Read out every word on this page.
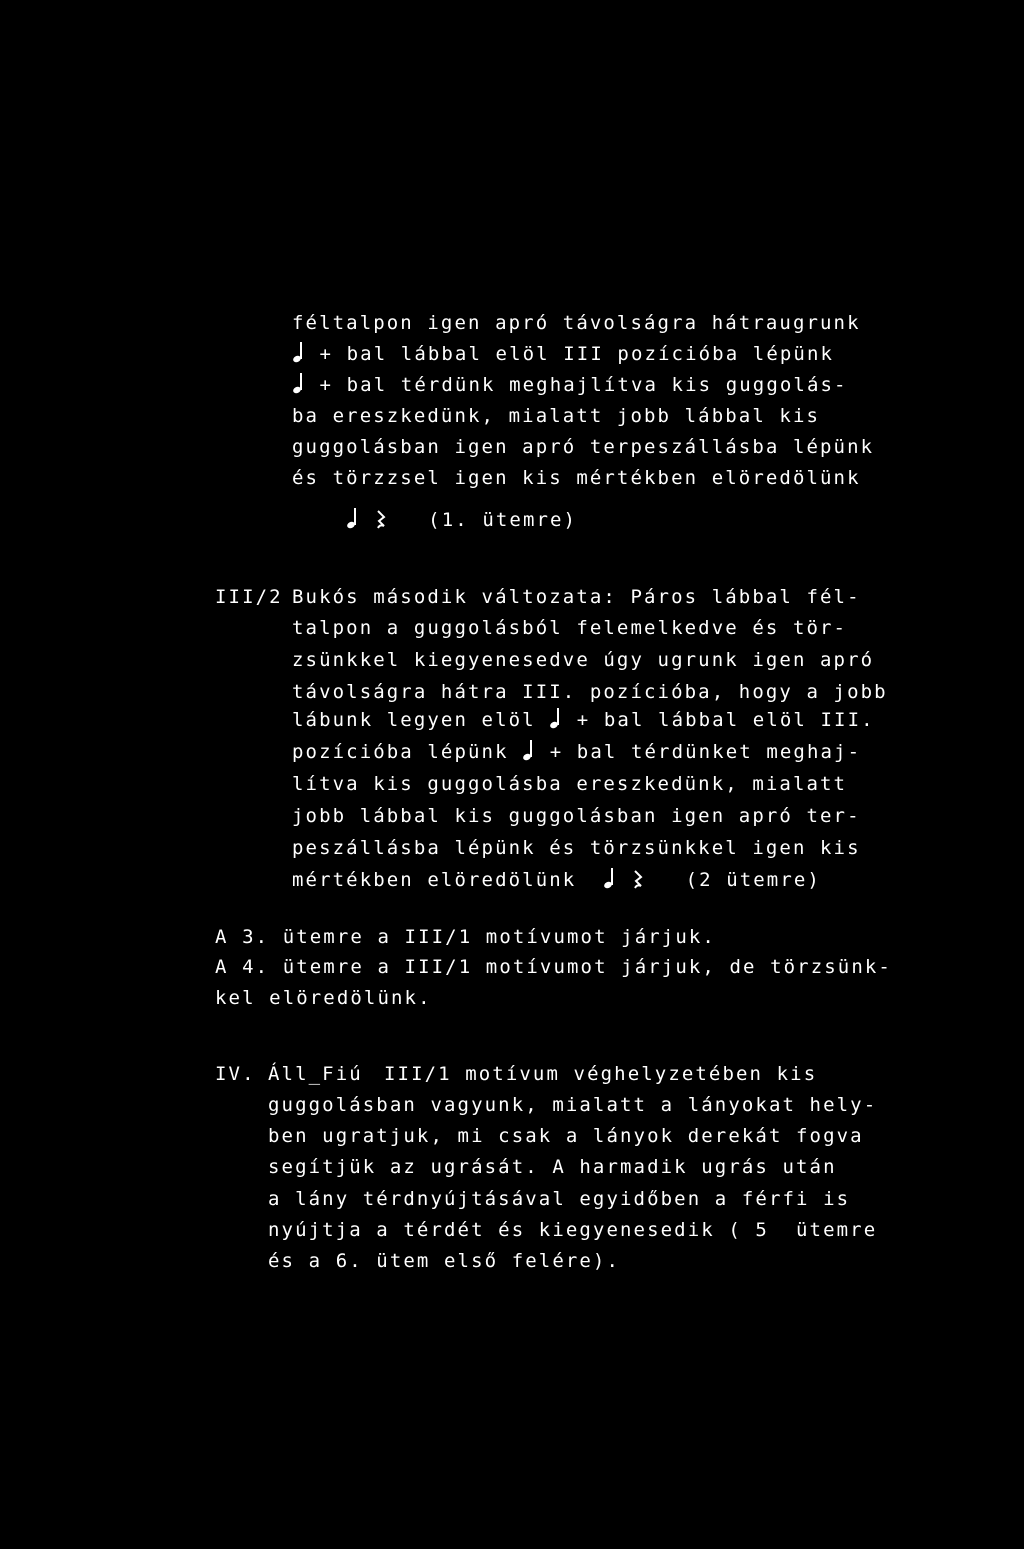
féltalpon igen apró távolságra hátraugrunk
+ bal lábbal elöl III pozícióba lépünk
+ bal térdünk meghajlítva kis guggolás-
ba ereszkedünk, mialatt jobb lábbal kis
guggolásban igen apró terpeszállásba lépünk
és törzzsel igen kis mértékben elöredölünk

(1. ütemre)
III/2 Bukós második változata: Páros lábbal fél-
talpon a guggolásból felemelkedve és tör-
zsünkkel kiegyenesedve úgy ugrunk igen apró
távolságra hátra III. pozícióba, hogy a jobb
lábunk legyen elöl + bal lábbal elöl III.
pozícióba lépünk + bal térdünket meghaj-
lítva kis guggolásba ereszkedünk, mialatt
jobb lábbal kis guggolásban igen apró ter-
peszállásba lépünk és törzsünkkel igen kis
mértékben elöredölünk
	(2 ütemre)
A 3. ütemre a III/1 motívumot járjuk.
A 4. ütemre a III/1 motívumot járjuk, de törzsünk-
kel elöredölünk.
IV. Áll_Fiú III/1 motívum véghelyzetében kis
guggolásban vagyunk, mialatt a lányokat hely-
ben ugratjuk, mi csak a lányok derekát fogva
segítjük az ugrását. A harmadik ugrás után
a lány térdnyújtásával egyidőben a férfi is
nyújtja a térdét és kiegyenesedik ( 5  ütemre
és a 6. ütem első felére).
